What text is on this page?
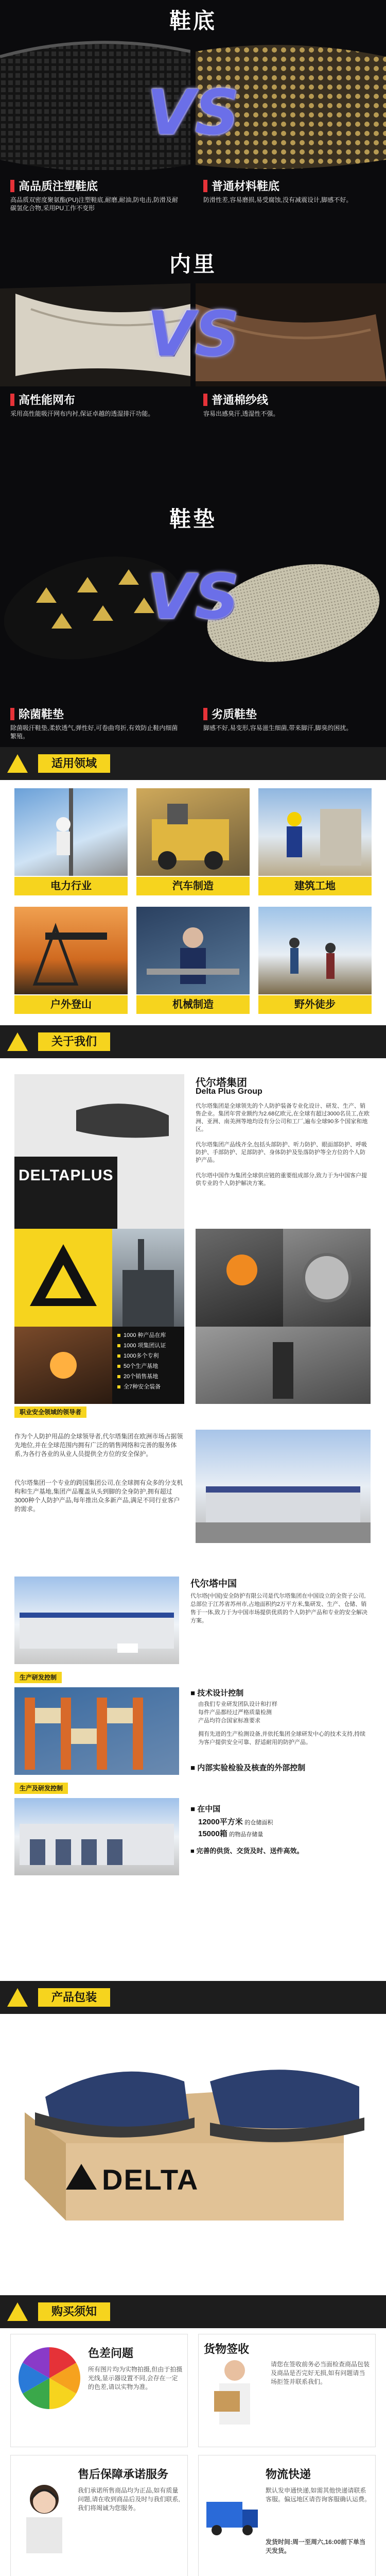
鞋底
VS
高品质注塑鞋底
高品质双密度聚氨酯(PU)注塑鞋底,耐磨,耐油,防电击,防滑及耐碳氢化合物,采用PU工作不变形
普通材料鞋底
防滑性差,容易磨损,易受腐蚀,没有减震设计,脚感不好。
内里
VS
高性能网布
采用高性能吸汗网布内衬,保证卓越的透湿排汗功能。
普通棉纱线
容易出感臭汗,透湿性不强。
鞋垫
VS
除菌鞋垫
除菌吸汗鞋垫,柔软透气,弹性好,可卷曲弯折,有效防止鞋内细菌繁殖。
劣质鞋垫
脚感不好,易变形,容易滋生细菌,带来脚汗,脚臭的困扰。
适用领域
电力行业	汽车制造	建筑工地
户外登山	机械制造	野外徒步
关于我们
DELTAPLUS
代尔塔集团
Delta Plus Group
代尔塔集团是全球领先的个人防护装备专业化设计、研发、生产、销售企业。集团年营业额约为2.68亿欧元,在全球有超过3000名员工,在欧洲、亚洲、南美洲等地均设有分公司和工厂,遍布全球90多个国家和地区。
代尔塔集团产品线齐全,包括头部防护、听力防护、眼面部防护、呼吸防护、手部防护、足部防护、身体防护及坠落防护等全方位的个人防护产品。
代尔塔中国作为集团全球供应链的重要组成部分,致力于为中国客户提供专业的个人防护解决方案。
1000 种产品在库
1000 项集团认证
1000多个专利
50个生产基地
20个销售基地
全7种安全装备
职业安全领域的领导者
作为个人防护用品的全球领导者,代尔塔集团在欧洲市场占据领先地位,并在全球范围内拥有广泛的销售网络和完善的服务体系,为各行各业的从业人员提供全方位的安全保护。
代尔塔集团一个专业的跨国集团公司,在全球拥有众多的分支机构和生产基地,集团产品覆盖从头到脚的全身防护,拥有超过3000种个人防护产品,每年推出众多新产品,满足不同行业客户的需求。
代尔塔中国
代尔塔(中国)安全防护有限公司是代尔塔集团在中国设立的全资子公司,总部位于江苏省苏州市,占地面积约2万平方米,集研发、生产、仓储、销售于一体,致力于为中国市场提供优质的个人防护产品和专业的安全解决方案。
生产研发控制
■ 技术设计控制
由我们专业研发团队设计和打样
每件产品都经过严格质量检测
产品均符合国家标准要求
拥有先进的生产检测设备,并依托集团全球研发中心的技术支持,持续为客户提供安全可靠、舒适耐用的防护产品。
■ 内部实验检验及核查的外部控制
生产及研发控制
■ 在中国
12000平方米 的仓储面积
15000箱 的物品存储量
■ 完善的供货、交货及时、送件高效。
产品包装
DELTA
购买须知
色差问题
所有图片均为实物拍摄,但由于拍摄光线,显示器设置不同,会存在一定的色差,请以实物为准。
货物签收
请您在签收前务必当面检查商品包装及商品是否完好无损,如有问题请当场拒签并联系我们。
售后保障承诺服务
我们承诺所售商品均为正品,如有质量问题,请在收到商品后及时与我们联系,我们将竭诚为您服务。
物流快递
默认发申通快递,如需其他快递请联系客服。偏远地区请咨询客服确认运费。
发货时间:周一至周六,16:00前下单当天发货。
